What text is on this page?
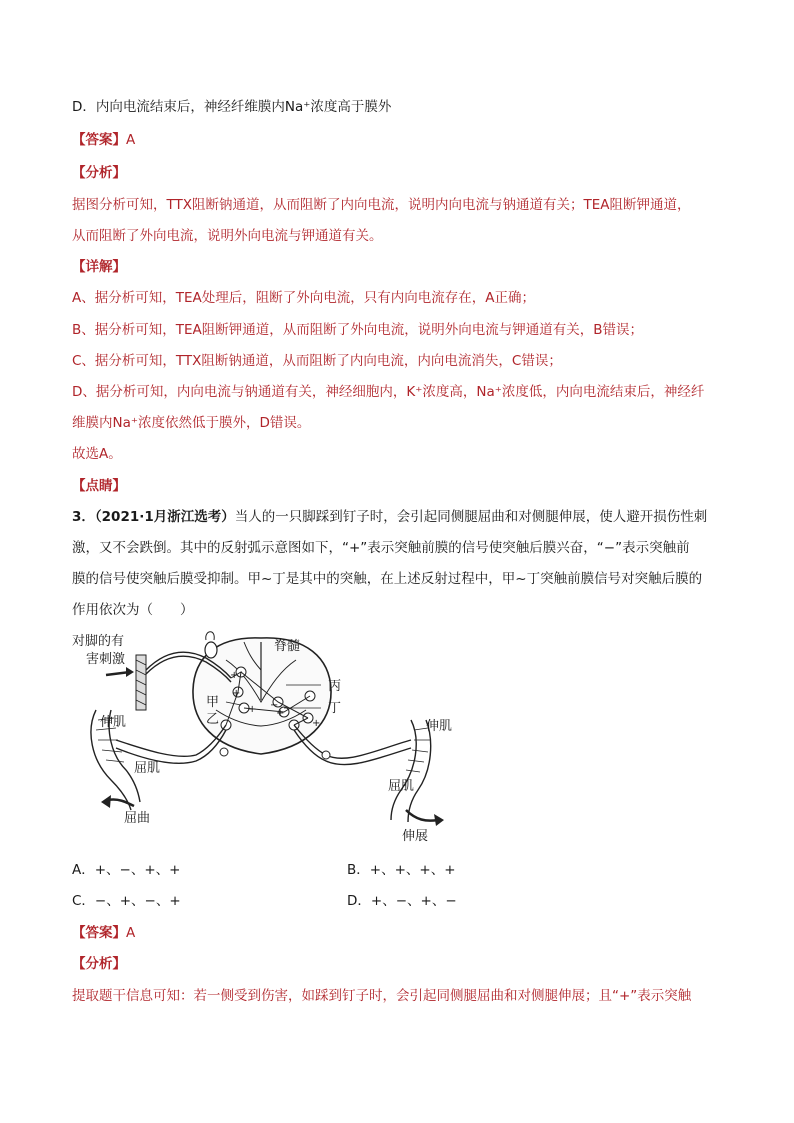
D．内向电流结束后，神经纤维膜内Na⁺浓度高于膜外
【答案】A
【分析】
据图分析可知，TTX阻断钠通道，从而阻断了内向电流，说明内向电流与钠通道有关；TEA阻断钾通道，
从而阻断了外向电流，说明外向电流与钾通道有关。
【详解】
A、据分析可知，TEA处理后，阻断了外向电流，只有内向电流存在，A正确；
B、据分析可知，TEA阻断钾通道，从而阻断了外向电流，说明外向电流与钾通道有关，B错误；
C、据分析可知，TTX阻断钠通道，从而阻断了内向电流，内向电流消失，C错误；
D、据分析可知，内向电流与钠通道有关，神经细胞内，K⁺浓度高，Na⁺浓度低，内向电流结束后，神经纤
维膜内Na⁺浓度依然低于膜外，D错误。
故选A。
【点睛】
3．（2021·1月浙江选考）当人的一只脚踩到钉子时，会引起同侧腿屈曲和对侧腿伸展，使人避开损伤性刺
激，又不会跌倒。其中的反射弧示意图如下，“+”表示突触前膜的信号使突触后膜兴奋，“−”表示突触前
膜的信号使突触后膜受抑制。甲~丁是其中的突触，在上述反射过程中，甲~丁突触前膜信号对突触后膜的
作用依次为（　　）
对脚的有
害刺激
脊髓
甲
乙
丙
丁
伸肌
屈肌
屈曲
伸肌
屈肌
伸展
+
+
+ +
−
+
A．+、−、+、+	B．+、+、+、+
C．−、+、−、+	D．+、−、+、−
【答案】A
【分析】
提取题干信息可知：若一侧受到伤害，如踩到钉子时，会引起同侧腿屈曲和对侧腿伸展；且“+”表示突触
